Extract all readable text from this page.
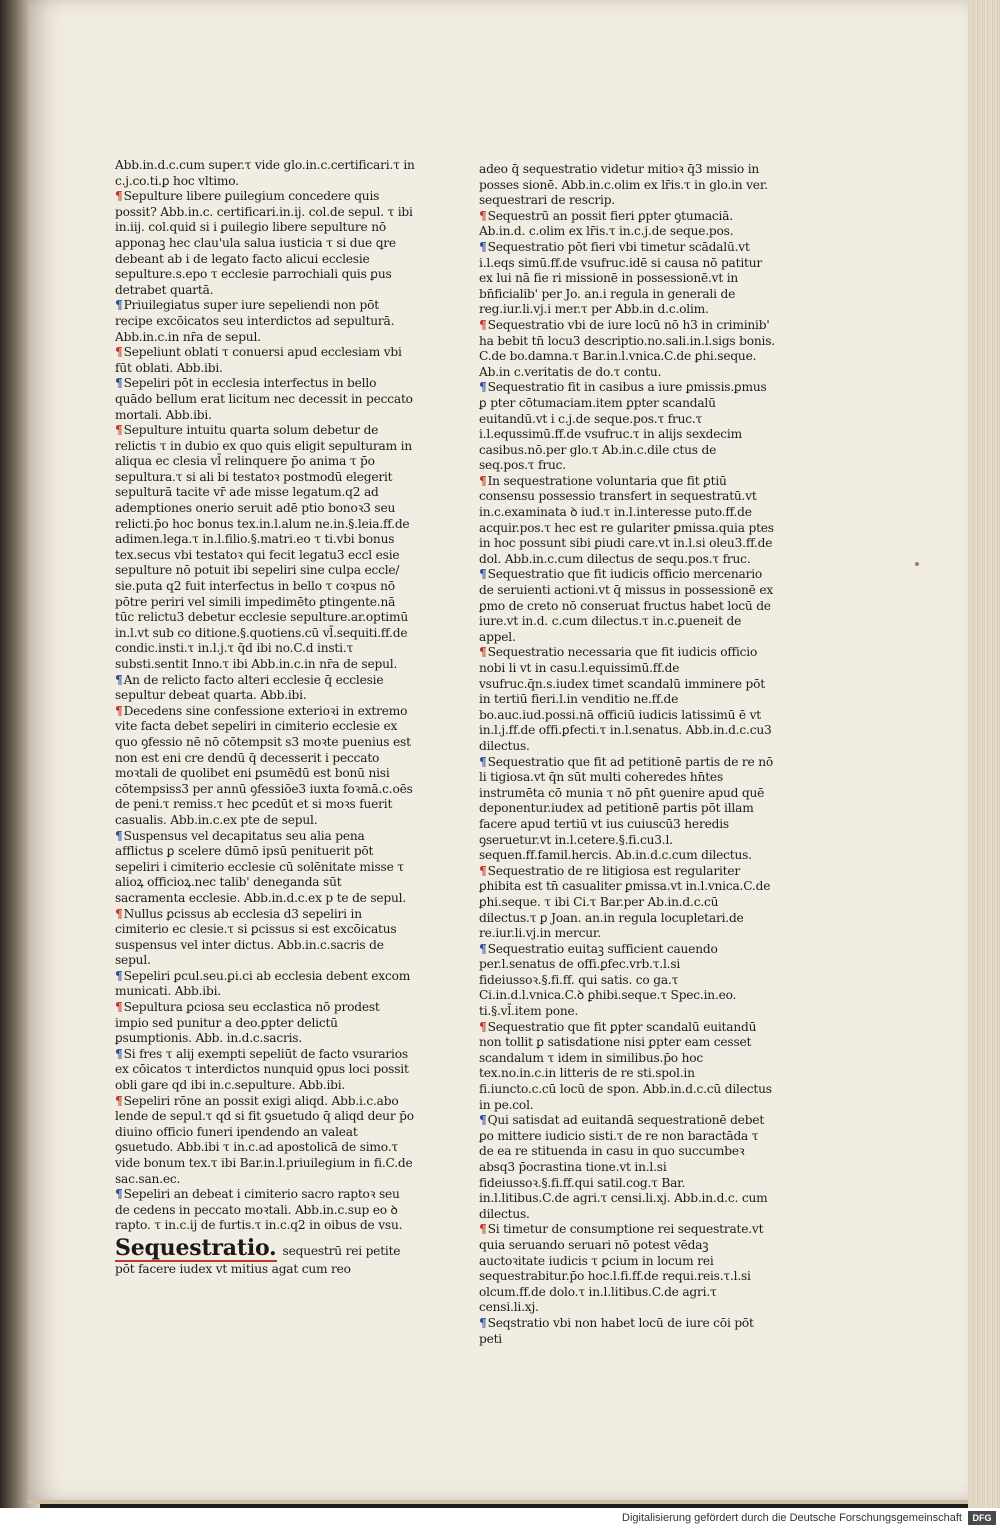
Abb.in.d.c.cum super.τ vide glo.in.c.certificari.τ in c.j.co.ti.ꝑ hoc vltimo.

¶Sepulture libere ꝑuilegium concedere quis possit? Abb.in.c. certificari.in.ij. col.de sepul. τ ibi in.iij. col.quid si i ꝑuilegio libere sepulture nō apponaꝫ hec clau'ula salua iusticia τ si due ꝗre debeant ab i de legato facto alicui ecclesie sepulture.s.epo τ ecclesie parrochiali quis ꝑus detrabet quartā.

¶Priuilegiatus super iure sepeliendi non pōt recipe excōicatos seu interdictos ad sepulturā. Abb.in.c.in nr̄a de sepul.

¶Sepeliunt oblati τ conuersi apud ecclesiam vbi fūt oblati. Abb.ibi.

¶Sepeliri pōt in ecclesia interfectus in bello quādo bellum erat licitum nec decessit in peccato mortali. Abb.ibi.

¶Sepulture intuitu quarta solum debetur de relictis τ in dubio ex quo quis eligit sepulturam in aliqua ec clesia vl̄ relinquere p̄o anima τ p̄o sepultura.τ si ali bi testatoꝛ postmodū elegerit sepulturā tacite vr̄ ade misse legatum.q2 ad ademptiones onerio seruit adē ptio bonoꝛ3 seu relicti.p̄o hoc bonus tex.in.l.alum ne.in.§.leia.ff.de adimen.lega.τ in.l.filio.§.matri.eo τ ti.vbi bonus tex.secus vbi testatoꝛ qui fecit legatu3 eccl esie sepulture nō potuit ibi sepeliri sine culpa eccle/ sie.puta q2 fuit interfectus in bello τ coꝛpus nō pōtre periri vel simili impedimēto ꝑtingente.nā tūc relictu3 debetur ecclesie sepulture.ar.optimū in.l.vt sub co ditione.§.quotiens.cū vl̄.sequiti.ff.de condic.insti.τ in.l.j.τ q̄d ibi no.C.d insti.τ substi.sentit Inno.τ ibi Abb.in.c.in nr̄a de sepul.

¶An de relicto facto alteri ecclesie q̄ ecclesie sepultur debeat quarta. Abb.ibi.

¶Decedens sine confessione exterioꝛi in extremo vite facta debet sepeliri in cimiterio ecclesie ex quo ꝯfessio nē nō cōtempsit s3 moꝛte puenius est non est eni cre dendū q̄ decesserit i peccato moꝛtali de quolibet eni ꝑsumēdū est bonū nisi cōtempsiss3 per annū ꝯfessiōe3 iuxta foꝛmā.c.oēs de peni.τ remiss.τ hec ꝑcedūt et si moꝛs fuerit casualis. Abb.in.c.ex pte de sepul.

¶Suspensus vel decapitatus seu alia pena afflictus ꝑ scelere dūmō ipsū penituerit pōt sepeliri i cimiterio ecclesie cū solēnitate misse τ alioꝝ officioꝝ.nec talib' deneganda sūt sacramenta ecclesie. Abb.in.d.c.ex p te de sepul.

¶Nullus ꝑcissus ab ecclesia d3 sepeliri in cimiterio ec clesie.τ si ꝑcissus si est excōicatus suspensus vel inter dictus. Abb.in.c.sacris de sepul.

¶Sepeliri ꝑcul.seu.ꝑi.ci ab ecclesia debent excom municati. Abb.ibi.

¶Sepultura ꝑciosa seu ecclastica nō prodest impio sed punitur a deo.ꝑpter delictū ꝑsumptionis. Abb. in.d.c.sacris.

¶Si fres τ alij exempti sepeliūt de facto vsurarios ex cōicatos τ interdictos nunquid ꝯpus loci possit obli gare qd ibi in.c.sepulture. Abb.ibi.

¶Sepeliri rōne an possit exigi aliqd. Abb.i.c.abo lende de sepul.τ qd si fit ꝯsuetudo q̄ aliqd deur p̄o diuino officio funeri ipendendo an valeat ꝯsuetudo. Abb.ibi τ in.c.ad apostolicā de simo.τ vide bonum tex.τ ibi Bar.in.l.priuilegium in fi.C.de sac.san.ec.

¶Sepeliri an debeat i cimiterio sacro raptoꝛ seu de cedens in peccato moꝛtali. Abb.in.c.sup eo ꝺ rapto. τ in.c.ij de furtis.τ in.c.q2 in oibus de vsu.

Sequestratio. sequestrū rei petite pōt facere iudex vt mitius agat cum reo

adeo q̄ sequestratio videtur mitioꝛ q̄3 missio in posses sionē. Abb.in.c.olim ex lr̄is.τ in glo.in ver. sequestrari de rescrip.

¶Sequestrū an possit fieri ꝑpter ꝯtumaciā. Ab.in.d. c.olim ex lr̄is.τ in.c.j.de seque.pos.

¶Sequestratio pōt fieri vbi timetur scādalū.vt i.l.eqs simū.ff.de vsufruc.idē si causa nō patitur ex lui nā fie ri missionē in possessionē.vt in bn̄ficialib' per Jo. an.i regula in generali de reg.iur.li.vj.i mer.τ per Abb.in d.c.olim.

¶Sequestratio vbi de iure locū nō h3 in criminib' ha bebit tn̄ locu3 descriptio.no.sali.in.l.sigs bonis. C.de bo.damna.τ Bar.in.l.vnica.C.de ꝑhi.seque. Ab.in c.veritatis de do.τ contu.

¶Sequestratio fit in casibus a iure ꝑmissis.ꝑmus ꝑ pter cōtumaciam.item ꝑpter scandalū euitandū.vt i c.j.de seque.pos.τ fruc.τ i.l.equssimū.ff.de vsufruc.τ in alijs sexdecim casibus.nō.per glo.τ Ab.in.c.dile ctus de seq.pos.τ fruc.

¶In sequestratione voluntaria que fit ꝑtiū consensu possessio transfert in sequestratū.vt in.c.examinata ꝺ iud.τ in.l.interesse puto.ff.de acquir.pos.τ hec est re gulariter ꝑmissa.quia ptes in hoc possunt sibi ꝑiudi care.vt in.l.si oleu3.ff.de dol. Abb.in.c.cum dilectus de sequ.pos.τ fruc.

¶Sequestratio que fit iudicis officio mercenario de seruienti actioni.vt q̄ missus in possessionē ex ꝑmo de creto nō conseruat fructus habet locū de iure.vt in.d. c.cum dilectus.τ in.c.ꝑueneit de appel.

¶Sequestratio necessaria que fit iudicis officio nobi li vt in casu.l.equissimū.ff.de vsufruc.q̄n.s.iudex timet scandalū imminere pōt in tertiū fieri.l.in venditio ne.ff.de bo.auc.iud.possi.nā officiū iudicis latissimū ē vt in.l.j.ff.de offi.ꝑfecti.τ in.l.senatus. Abb.in.d.c.cu3 dilectus.

¶Sequestratio que fit ad petitionē partis de re nō li tigiosa.vt q̄n sūt multi coheredes hn̄tes instrumēta cō munia τ nō pn̄t ꝯuenire apud quē deponentur.iudex ad petitionē partis pōt illam facere apud tertiū vt ius cuiuscū3 heredis ꝯseruetur.vt in.l.cetere.§.fi.cu3.l. sequen.ff.famil.hercis. Ab.in.d.c.cum dilectus.

¶Sequestratio de re litigiosa est regulariter ꝑhibita est tn̄ casualiter ꝑmissa.vt in.l.vnica.C.de ꝑhi.seque. τ ibi Ci.τ Bar.per Ab.in.d.c.cū dilectus.τ ꝑ Joan. an.in regula locupletari.de re.iur.li.vj.in mercur.

¶Sequestratio euitaꝫ sufficient cauendo per.l.senatus de offi.ꝑfec.vrb.τ.l.si fideiussoꝛ.§.fi.ff. qui satis. co ga.τ Ci.in.d.l.vnica.C.ꝺ ꝑhibi.seque.τ Spec.in.eo. ti.§.vl̄.item pone.

¶Sequestratio que fit ꝑpter scandalū euitandū non tollit ꝑ satisdatione nisi ꝑpter eam cesset scandalum τ idem in similibus.p̄o hoc tex.no.in.c.in litteris de re sti.spol.in fi.iuncto.c.cū locū de spon. Abb.in.d.c.cū dilectus in pe.col.

¶Qui satisdat ad euitandā sequestrationē debet ꝑo mittere iudicio sisti.τ de re non baractāda τ de ea re stituenda in casu in quo succumbeꝛ absq3 p̄ocrastina tione.vt in.l.si fideiussoꝛ.§.fi.ff.qui satil.cog.τ Bar. in.l.litibus.C.de agri.τ censi.li.xj. Abb.in.d.c. cum dilectus.

¶Si timetur de consumptione rei sequestrate.vt quia seruando seruari nō potest vēdaꝫ auctoꝛitate iudicis τ ꝑcium in locum rei sequestrabitur.p̄o hoc.l.fi.ff.de requi.reis.τ.l.si olcum.ff.de dolo.τ in.l.litibus.C.de agri.τ censi.li.xj.

¶Seqstratio vbi non habet locū de iure cōi pōt peti

Digitalisierung gefördert durch die Deutsche Forschungsgemeinschaft	DFG
